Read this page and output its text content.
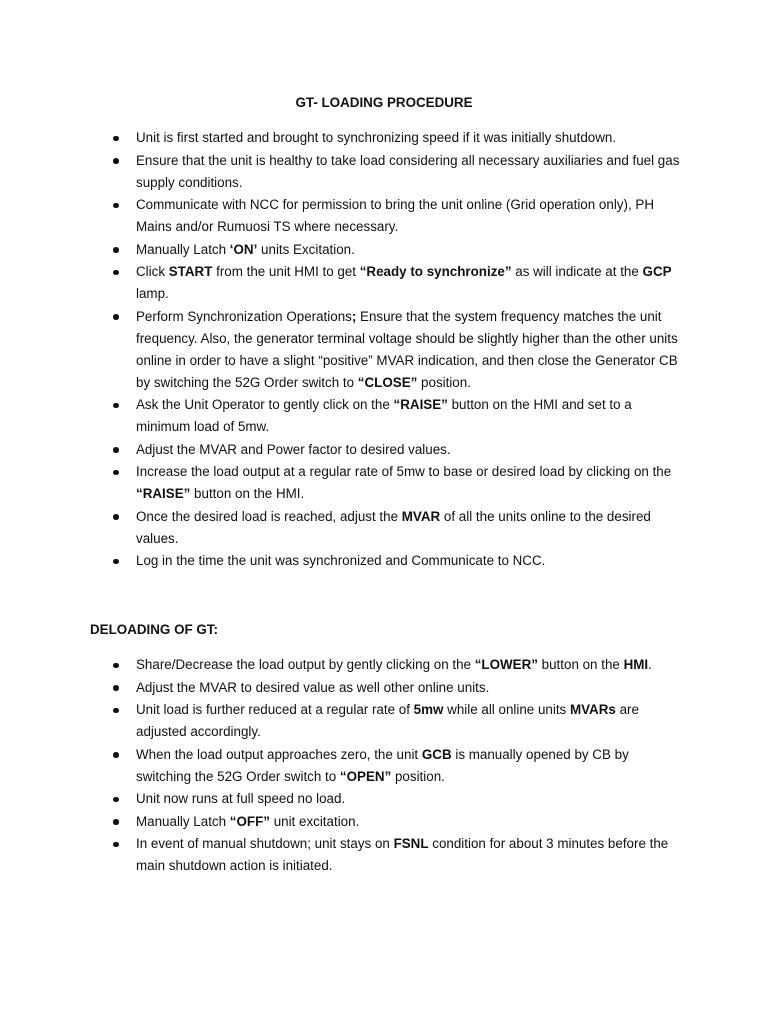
GT- LOADING PROCEDURE
Unit is first started and brought to synchronizing speed if it was initially shutdown.
Ensure that the unit is healthy to take load considering all necessary auxiliaries and fuel gas supply conditions.
Communicate with NCC for permission to bring the unit online (Grid operation only), PH Mains and/or Rumuosi TS where necessary.
Manually Latch ‘ON’ units Excitation.
Click START from the unit HMI to get “Ready to synchronize” as will indicate at the GCP lamp.
Perform Synchronization Operations; Ensure that the system frequency matches the unit frequency. Also, the generator terminal voltage should be slightly higher than the other units online in order to have a slight “positive” MVAR indication, and then close the Generator CB by switching the 52G Order switch to “CLOSE” position.
Ask the Unit Operator to gently click on the “RAISE” button on the HMI and set to a minimum load of 5mw.
Adjust the MVAR and Power factor to desired values.
Increase the load output at a regular rate of 5mw to base or desired load by clicking on the “RAISE” button on the HMI.
Once the desired load is reached, adjust the MVAR of all the units online to the desired values.
Log in the time the unit was synchronized and Communicate to NCC.
DELOADING OF GT:
Share/Decrease the load output by gently clicking on the “LOWER” button on the HMI.
Adjust the MVAR to desired value as well other online units.
Unit load is further reduced at a regular rate of 5mw while all online units MVARs are adjusted accordingly.
When the load output approaches zero, the unit GCB is manually opened by CB by switching the 52G Order switch to “OPEN” position.
Unit now runs at full speed no load.
Manually Latch “OFF” unit excitation.
In event of manual shutdown; unit stays on FSNL condition for about 3 minutes before the main shutdown action is initiated.
